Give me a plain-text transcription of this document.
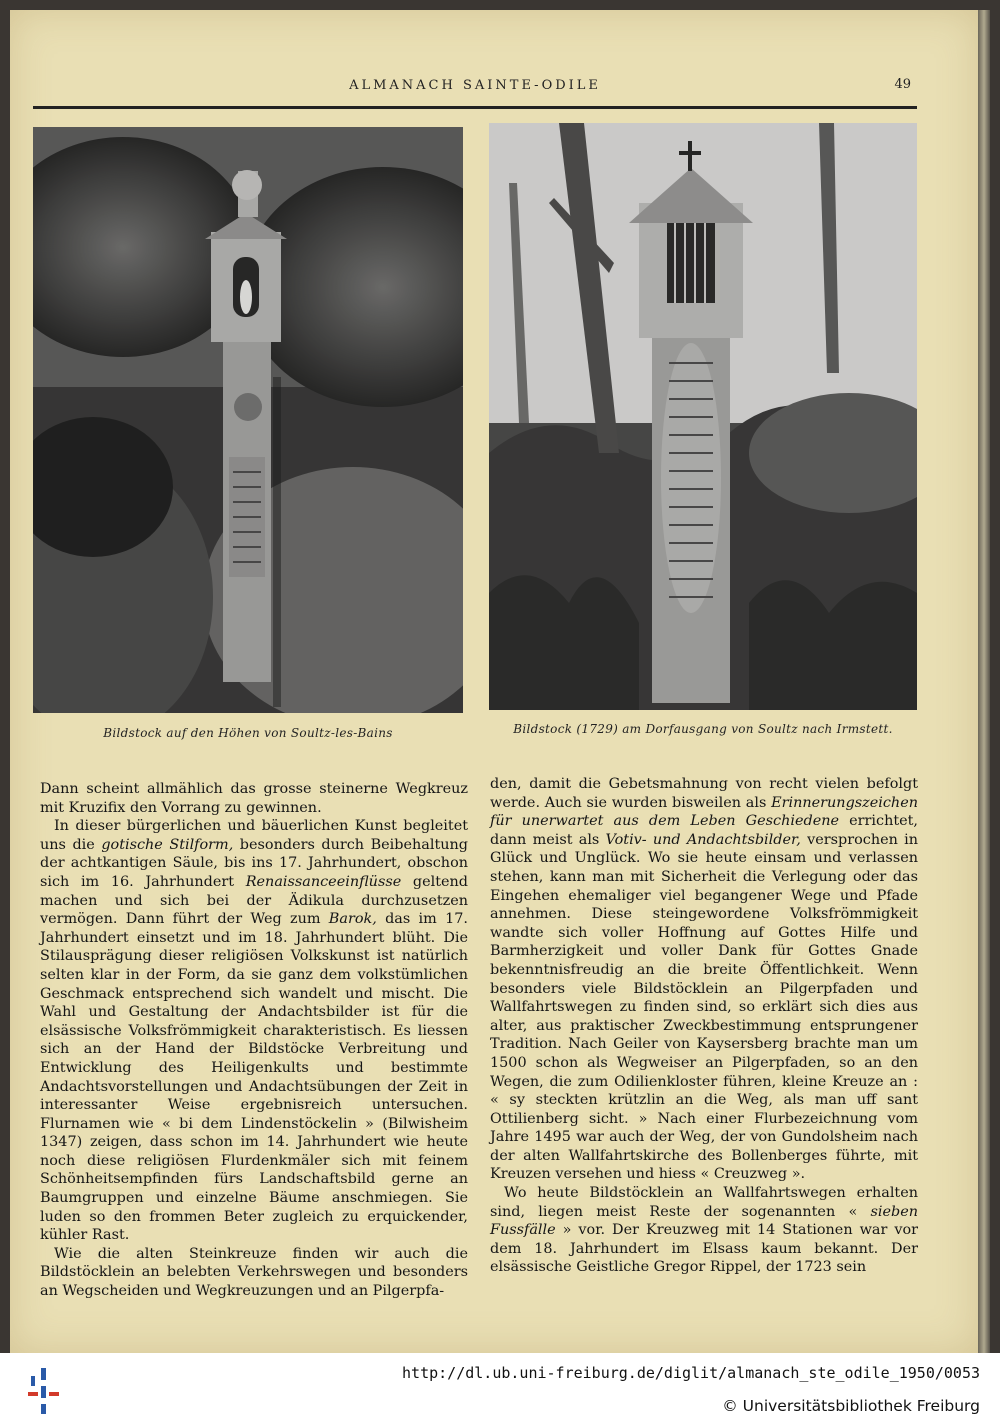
ALMANACH SAINTE-ODILE	49
Bildstock auf den Höhen von Soultz-les-Bains	Bildstock (1729) am Dorfausgang von Soultz nach Irmstett.

Dann scheint allmählich das grosse steinerne Wegkreuz mit Kruzifix den Vorrang zu gewinnen.

In dieser bürgerlichen und bäuerlichen Kunst begleitet uns die gotische Stilform, besonders durch Beibehaltung der achtkantigen Säule, bis ins 17. Jahrhundert, obschon sich im 16. Jahrhundert Renaissanceeinflüsse geltend machen und sich bei der Ädikula durchzusetzen vermögen. Dann führt der Weg zum Barok, das im 17. Jahrhundert einsetzt und im 18. Jahrhundert blüht. Die Stilausprägung dieser religiösen Volkskunst ist natürlich selten klar in der Form, da sie ganz dem volkstümlichen Geschmack entsprechend sich wandelt und mischt. Die Wahl und Gestaltung der Andachtsbilder ist für die elsässische Volksfrömmigkeit charakteristisch. Es liessen sich an der Hand der Bildstöcke Verbreitung und Entwicklung des Heiligenkults und bestimmte Andachtsvorstellungen und Andachtsübungen der Zeit in interessanter Weise ergebnisreich untersuchen. Flurnamen wie « bi dem Lindenstöckelin » (Bilwisheim 1347) zeigen, dass schon im 14. Jahrhundert wie heute noch diese religiösen Flurdenkmäler sich mit feinem Schönheitsempfinden fürs Landschaftsbild gerne an Baumgruppen und einzelne Bäume anschmiegen. Sie luden so den frommen Beter zugleich zu erquickender, kühler Rast.

Wie die alten Steinkreuze finden wir auch die Bildstöcklein an belebten Verkehrswegen und besonders an Wegscheiden und Wegkreuzungen und an Pilgerpfa-

den, damit die Gebetsmahnung von recht vielen befolgt werde. Auch sie wurden bisweilen als Erinnerungszeichen für unerwartet aus dem Leben Geschiedene errichtet, dann meist als Votiv- und Andachtsbilder, versprochen in Glück und Unglück. Wo sie heute einsam und verlassen stehen, kann man mit Sicherheit die Verlegung oder das Eingehen ehemaliger viel begangener Wege und Pfade annehmen. Diese steingewordene Volksfrömmigkeit wandte sich voller Hoffnung auf Gottes Hilfe und Barmherzigkeit und voller Dank für Gottes Gnade bekenntnisfreudig an die breite Öffentlichkeit. Wenn besonders viele Bildstöcklein an Pilgerpfaden und Wallfahrtswegen zu finden sind, so erklärt sich dies aus alter, aus praktischer Zweckbestimmung entsprungener Tradition. Nach Geiler von Kaysersberg brachte man um 1500 schon als Wegweiser an Pilgerpfaden, so an den Wegen, die zum Odilienkloster führen, kleine Kreuze an : « sy steckten krützlin an die Weg, als man uff sant Ottilienberg sicht. » Nach einer Flurbezeichnung vom Jahre 1495 war auch der Weg, der von Gundolsheim nach der alten Wallfahrtskirche des Bollenberges führte, mit Kreuzen versehen und hiess « Creuzweg ».

Wo heute Bildstöcklein an Wallfahrtswegen erhalten sind, liegen meist Reste der sogenannten « sieben Fussfälle » vor. Der Kreuzweg mit 14 Stationen war vor dem 18. Jahrhundert im Elsass kaum bekannt. Der elsässische Geistliche Gregor Rippel, der 1723 sein

http://dl.ub.uni-freiburg.de/diglit/almanach_ste_odile_1950/0053
© Universitätsbibliothek Freiburg
